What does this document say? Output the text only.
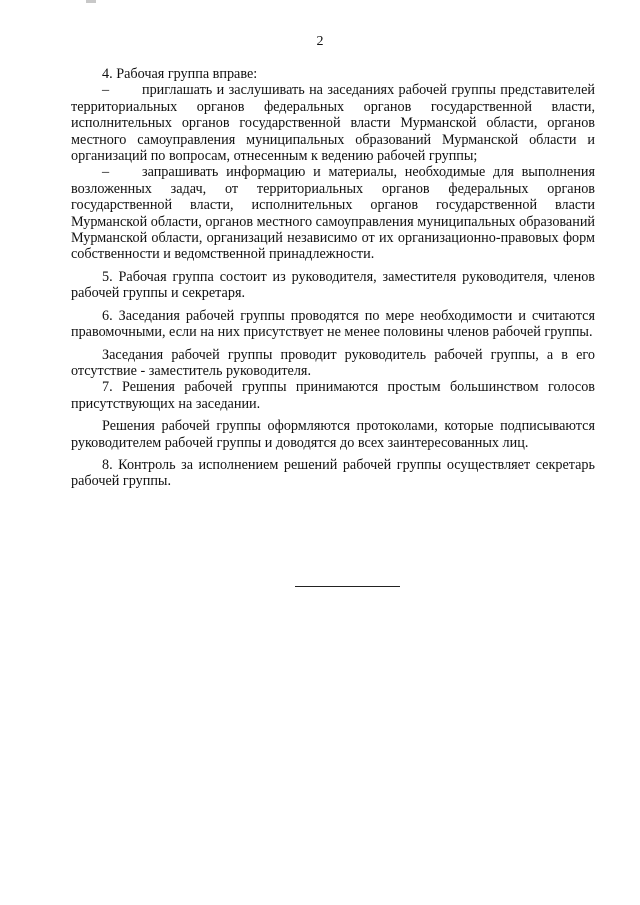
2

4. Рабочая группа вправе:

– приглашать и заслушивать на заседаниях рабочей группы представителей территориальных органов федеральных органов государственной власти, исполнительных органов государственной власти Мурманской области, органов местного самоуправления муниципальных образований Мурманской области и организаций по вопросам, отнесенным к ведению рабочей группы;

– запрашивать информацию и материалы, необходимые для выполнения возложенных задач, от территориальных органов федеральных органов государственной власти, исполнительных органов государственной власти Мурманской области, органов местного самоуправления муниципальных образований Мурманской области, организаций независимо от их организационно-правовых форм собственности и ведомственной принадлежности.

5. Рабочая группа состоит из руководителя, заместителя руководителя, членов рабочей группы и секретаря.

6. Заседания рабочей группы проводятся по мере необходимости и считаются правомочными, если на них присутствует не менее половины членов рабочей группы.

Заседания рабочей группы проводит руководитель рабочей группы, а в его отсутствие - заместитель руководителя.

7. Решения рабочей группы принимаются простым большинством голосов присутствующих на заседании.

Решения рабочей группы оформляются протоколами, которые подписываются руководителем рабочей группы и доводятся до всех заинтересованных лиц.

8. Контроль за исполнением решений рабочей группы осуществляет секретарь рабочей группы.
